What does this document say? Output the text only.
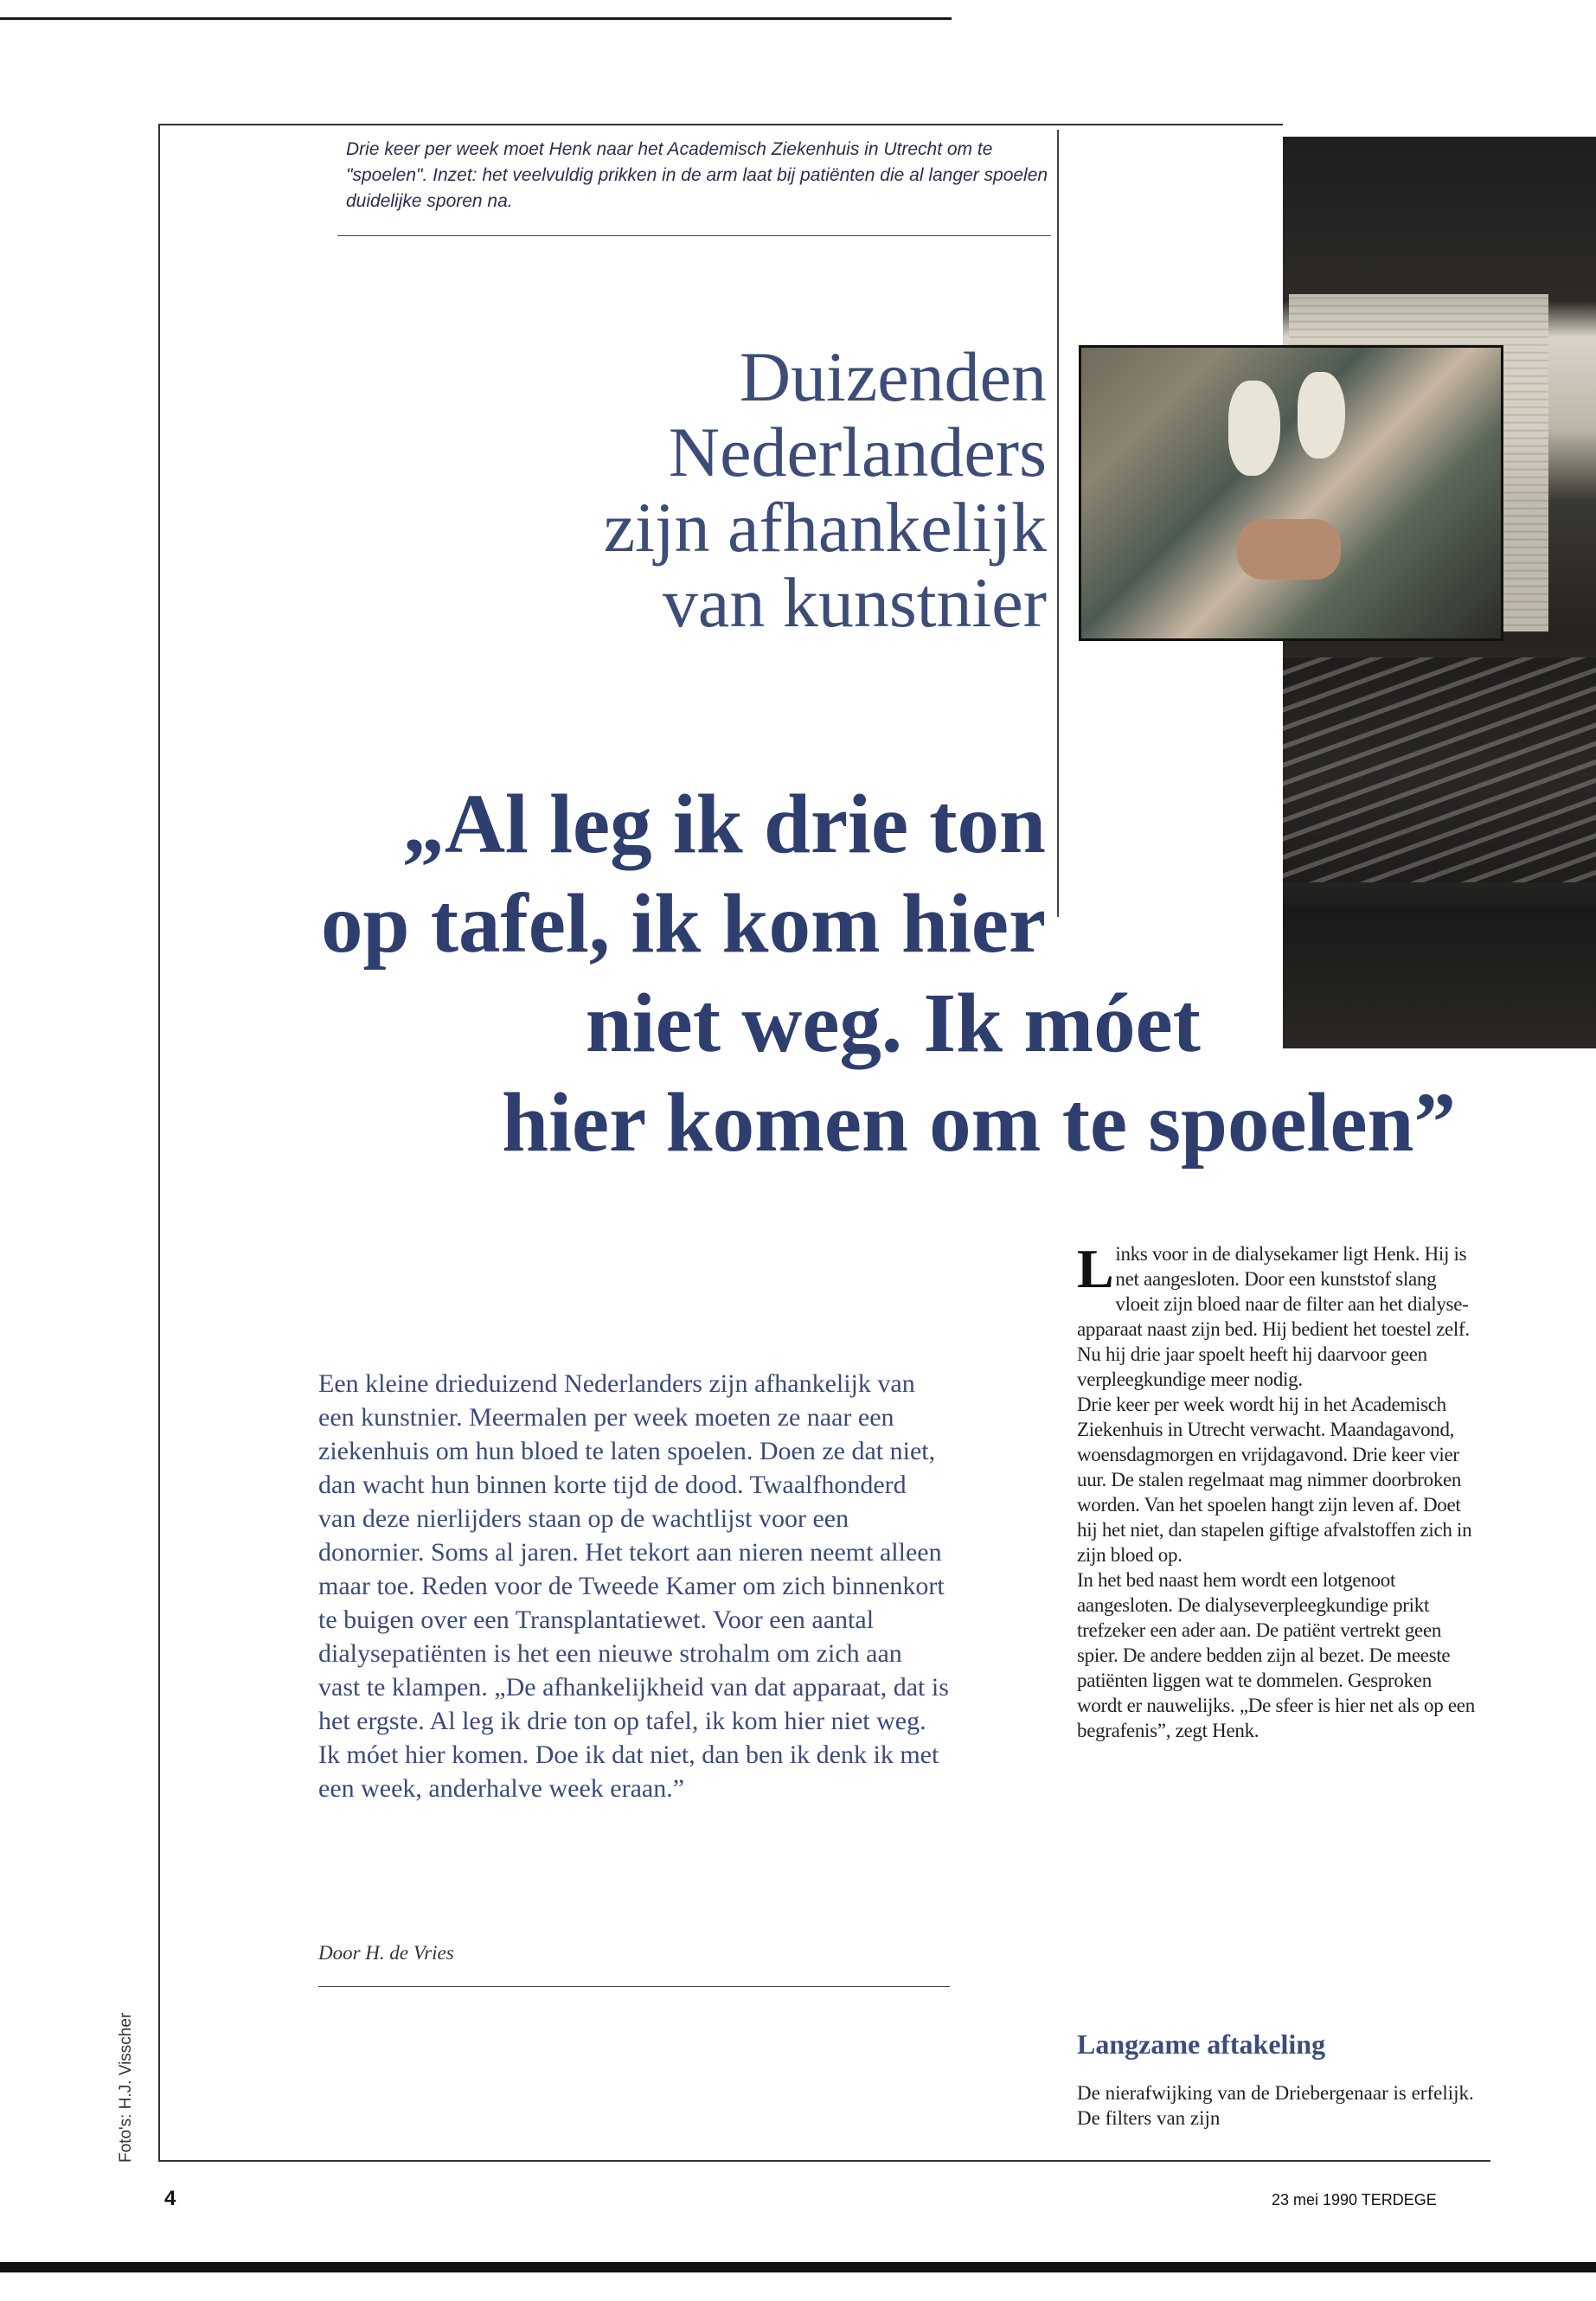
Drie keer per week moet Henk naar het Academisch Ziekenhuis in Utrecht om te "spoelen". Inzet: het veelvuldig prikken in de arm laat bij patiënten die al langer spoelen duidelijke sporen na.
Duizenden
Nederlanders
zijn afhankelijk
van kunstnier
„Al leg ik drie ton
op tafel, ik kom hier
niet weg. Ik móet
hier komen om te spoelen”
Een kleine drieduizend Nederlanders zijn afhankelijk van een kunstnier. Meermalen per week moeten ze naar een ziekenhuis om hun bloed te laten spoelen. Doen ze dat niet, dan wacht hun binnen korte tijd de dood. Twaalfhonderd van deze nierlijders staan op de wachtlijst voor een donornier. Soms al jaren. Het tekort aan nieren neemt alleen maar toe. Reden voor de Tweede Kamer om zich binnenkort te buigen over een Transplantatiewet. Voor een aantal dialysepatiënten is het een nieuwe strohalm om zich aan vast te klampen. „De afhankelijkheid van dat apparaat, dat is het ergste. Al leg ik drie ton op tafel, ik kom hier niet weg. Ik móet hier komen. Doe ik dat niet, dan ben ik denk ik met een week, anderhalve week eraan.”
Door H. de Vries
L inks voor in de dialysekamer ligt Henk. Hij is net aangesloten. Door een kunststof slang vloeit zijn bloed naar de filter aan het dialyse-apparaat naast zijn bed. Hij bedient het toestel zelf. Nu hij drie jaar spoelt heeft hij daarvoor geen verpleegkundige meer nodig.
Drie keer per week wordt hij in het Academisch Ziekenhuis in Utrecht verwacht. Maandagavond, woensdagmorgen en vrijdagavond. Drie keer vier uur. De stalen regelmaat mag nimmer doorbroken worden. Van het spoelen hangt zijn leven af. Doet hij het niet, dan stapelen giftige afvalstoffen zich in zijn bloed op.
In het bed naast hem wordt een lotgenoot aangesloten. De dialyseverpleegkundige prikt trefzeker een ader aan. De patiënt vertrekt geen spier. De andere bedden zijn al bezet. De meeste patiënten liggen wat te dommelen. Gesproken wordt er nauwelijks. „De sfeer is hier net als op een begrafenis”, zegt Henk.
Langzame aftakeling
De nierafwijking van de Driebergenaar is erfelijk. De filters van zijn
Foto's: H.J. Visscher
4	23 mei 1990 TERDEGE
